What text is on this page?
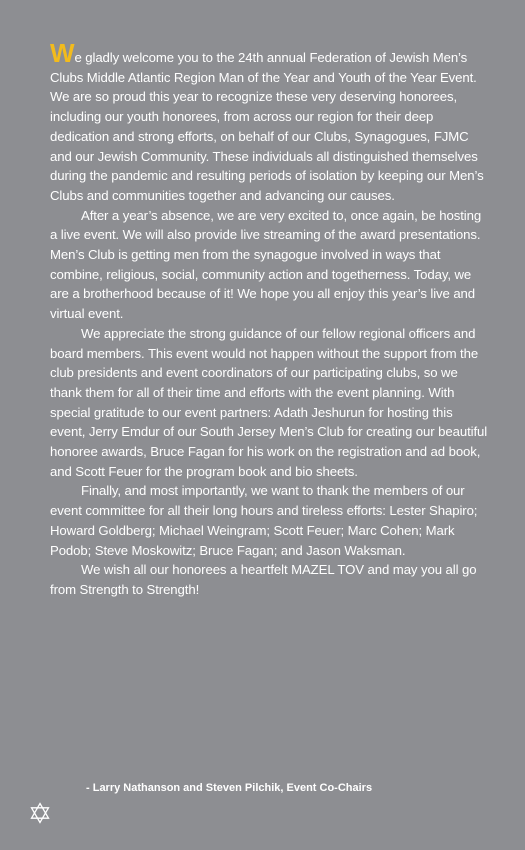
We gladly welcome you to the 24th annual Federation of Jewish Men’s Clubs Middle Atlantic Region Man of the Year and Youth of the Year Event. We are so proud this year to recognize these very deserving honorees, including our youth honorees, from across our region for their deep dedication and strong efforts, on behalf of our Clubs, Synagogues, FJMC and our Jewish Community. These individuals all distinguished themselves during the pandemic and resulting periods of isolation by keeping our Men’s Clubs and communities together and advancing our causes.

After a year’s absence, we are very excited to, once again, be hosting a live event. We will also provide live streaming of the award presentations. Men’s Club is getting men from the synagogue involved in ways that combine, religious, social, community action and togetherness. Today, we are a brotherhood because of it! We hope you all enjoy this year’s live and virtual event.

We appreciate the strong guidance of our fellow regional officers and board members. This event would not happen without the support from the club presidents and event coordinators of our participating clubs, so we thank them for all of their time and efforts with the event planning. With special gratitude to our event partners: Adath Jeshurun for hosting this event, Jerry Emdur of our South Jersey Men’s Club for creating our beautiful honoree awards, Bruce Fagan for his work on the registration and ad book, and Scott Feuer for the program book and bio sheets.

Finally, and most importantly, we want to thank the members of our event committee for all their long hours and tireless efforts: Lester Shapiro; Howard Goldberg; Michael Weingram; Scott Feuer; Marc Cohen; Mark Podob; Steve Moskowitz; Bruce Fagan; and Jason Waksman.

We wish all our honorees a heartfelt MAZEL TOV and may you all go from Strength to Strength!

- Larry Nathanson and Steven Pilchik, Event Co-Chairs
